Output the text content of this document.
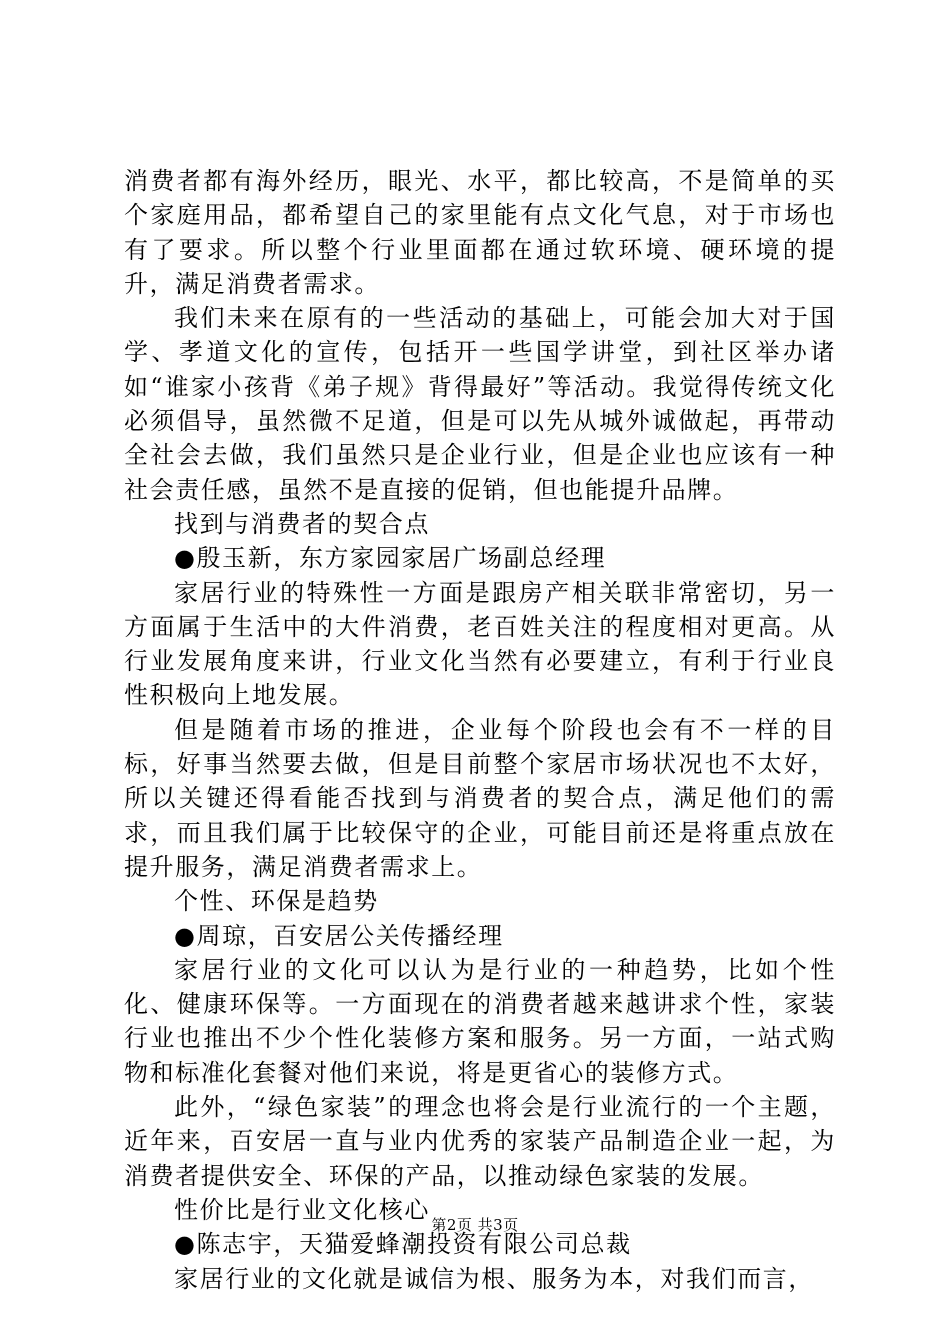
消费者都有海外经历，眼光、水平，都比较高，不是简单的买个家庭用品，都希望自己的家里能有点文化气息，对于市场也有了要求。所以整个行业里面都在通过软环境、硬环境的提升，满足消费者需求。

我们未来在原有的一些活动的基础上，可能会加大对于国学、孝道文化的宣传，包括开一些国学讲堂，到社区举办诸如“谁家小孩背《弟子规》背得最好”等活动。我觉得传统文化必须倡导，虽然微不足道，但是可以先从城外诚做起，再带动全社会去做，我们虽然只是企业行业，但是企业也应该有一种社会责任感，虽然不是直接的促销，但也能提升品牌。

找到与消费者的契合点

●殷玉新，东方家园家居广场副总经理

家居行业的特殊性一方面是跟房产相关联非常密切，另一方面属于生活中的大件消费，老百姓关注的程度相对更高。从行业发展角度来讲，行业文化当然有必要建立，有利于行业良性积极向上地发展。

但是随着市场的推进，企业每个阶段也会有不一样的目标，好事当然要去做，但是目前整个家居市场状况也不太好，所以关键还得看能否找到与消费者的契合点，满足他们的需求，而且我们属于比较保守的企业，可能目前还是将重点放在提升服务，满足消费者需求上。

个性、环保是趋势

●周琼，百安居公关传播经理

家居行业的文化可以认为是行业的一种趋势，比如个性化、健康环保等。一方面现在的消费者越来越讲求个性，家装行业也推出不少个性化装修方案和服务。另一方面，一站式购物和标准化套餐对他们来说，将是更省心的装修方式。

此外，“绿色家装”的理念也将会是行业流行的一个主题，近年来，百安居一直与业内优秀的家装产品制造企业一起，为消费者提供安全、环保的产品，以推动绿色家装的发展。

性价比是行业文化核心

●陈志宇，天猫爱蜂潮投资有限公司总裁

家居行业的文化就是诚信为根、服务为本，对我们而言，

第2页 共3页
